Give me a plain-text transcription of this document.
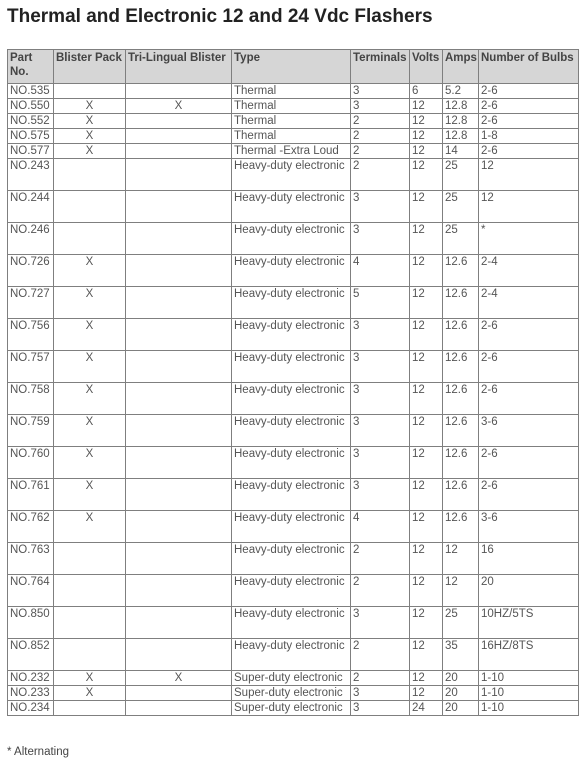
Thermal and Electronic 12 and 24 Vdc Flashers
Part No.	Blister Pack	Tri-Lingual Blister	Type	Terminals	Volts	Amps	Number of Bulbs
NO.535			Thermal	3	6	5.2	2-6
NO.550	X	X	Thermal	3	12	12.8	2-6
NO.552	X		Thermal	2	12	12.8	2-6
NO.575	X		Thermal	2	12	12.8	1-8
NO.577	X		Thermal -Extra Loud	2	12	14	2-6
NO.243			Heavy-duty electronic	2	12	25	12
NO.244			Heavy-duty electronic	3	12	25	12
NO.246			Heavy-duty electronic	3	12	25	*
NO.726	X		Heavy-duty electronic	4	12	12.6	2-4
NO.727	X		Heavy-duty electronic	5	12	12.6	2-4
NO.756	X		Heavy-duty electronic	3	12	12.6	2-6
NO.757	X		Heavy-duty electronic	3	12	12.6	2-6
NO.758	X		Heavy-duty electronic	3	12	12.6	2-6
NO.759	X		Heavy-duty electronic	3	12	12.6	3-6
NO.760	X		Heavy-duty electronic	3	12	12.6	2-6
NO.761	X		Heavy-duty electronic	3	12	12.6	2-6
NO.762	X		Heavy-duty electronic	4	12	12.6	3-6
NO.763			Heavy-duty electronic	2	12	12	16
NO.764			Heavy-duty electronic	2	12	12	20
NO.850			Heavy-duty electronic	3	12	25	10HZ/5TS
NO.852			Heavy-duty electronic	2	12	35	16HZ/8TS
NO.232	X	X	Super-duty electronic	2	12	20	1-10
NO.233	X		Super-duty electronic	3	12	20	1-10
NO.234			Super-duty electronic	3	24	20	1-10
* Alternating
